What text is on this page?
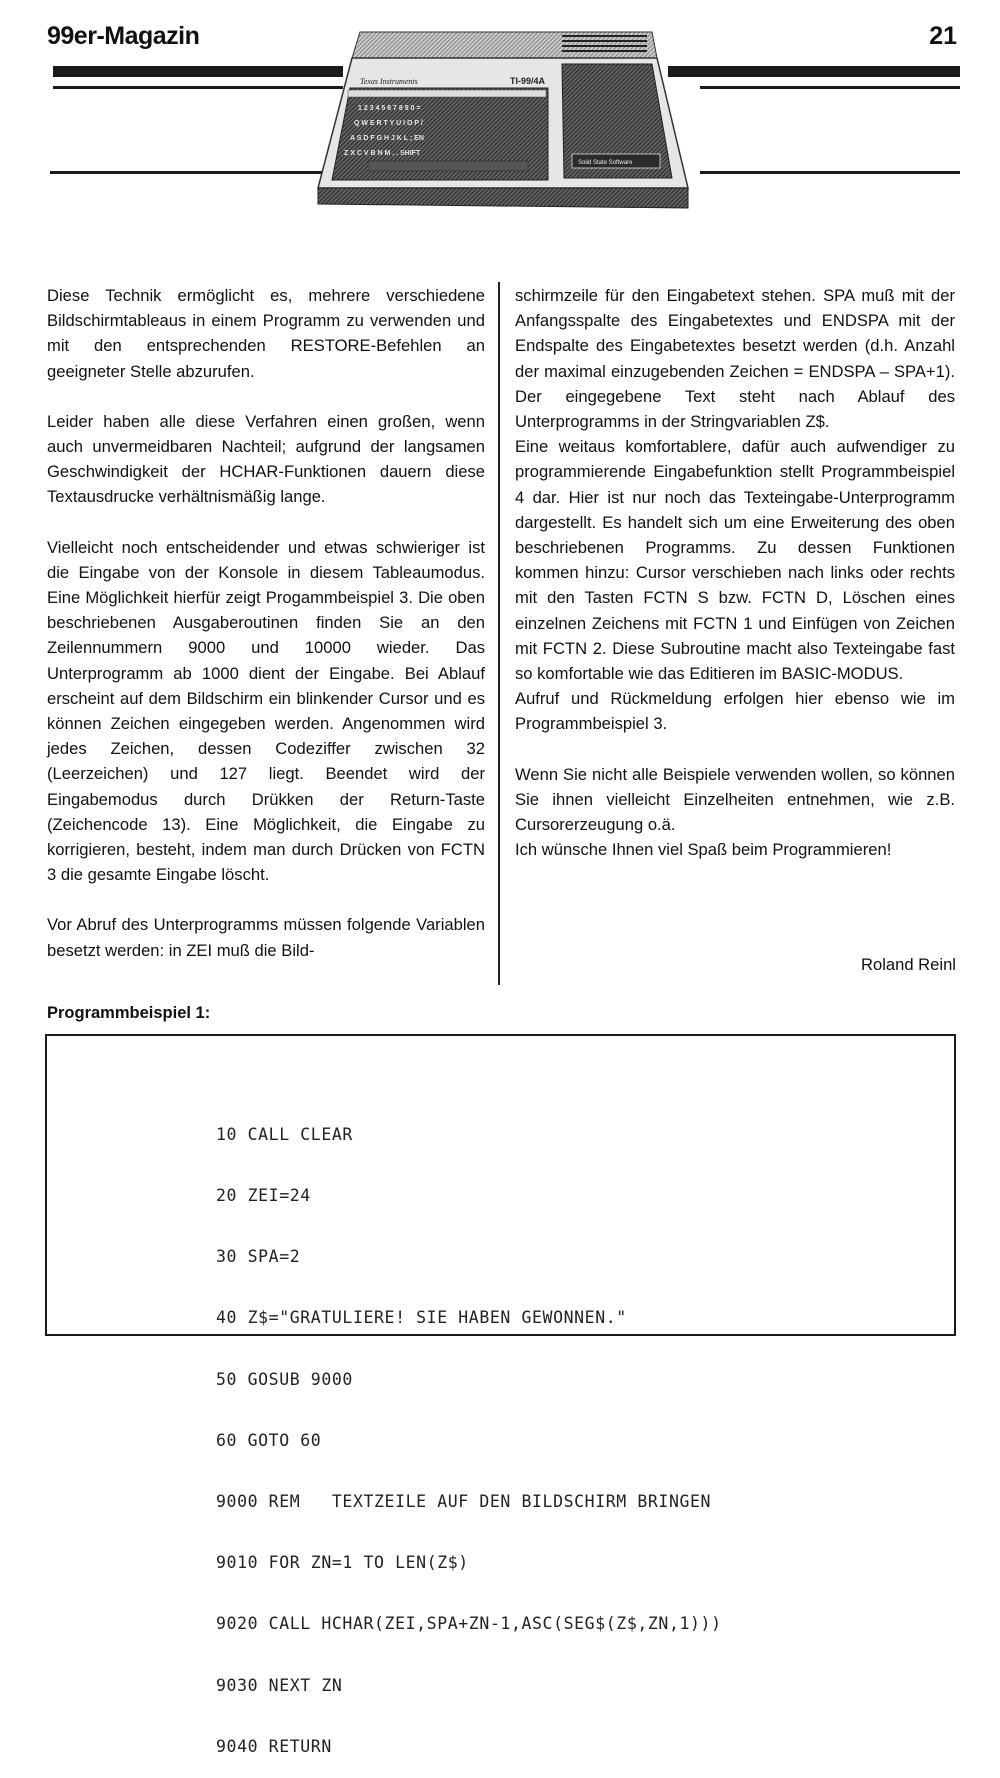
99er-Magazin	21
Texas Instruments	TI-99/4A
1 2 3 4 5 6 7 8 9 0 =
Q W E R T Y U I O P /
A S D F G H J K L ; EN
Z X C V B N M , . SHIFT
Solid State Software

Diese Technik ermöglicht es, mehrere verschiedene Bildschirmtableaus in einem Programm zu verwenden und mit den entsprechenden RESTORE-Befehlen an geeigneter Stelle abzurufen.

Leider haben alle diese Verfahren einen großen, wenn auch unvermeidbaren Nachteil; aufgrund der langsamen Geschwindigkeit der HCHAR-Funktionen dauern diese Textausdrucke verhältnismäßig lange.

Vielleicht noch entscheidender und etwas schwieriger ist die Eingabe von der Konsole in diesem Tableaumodus. Eine Möglichkeit hierfür zeigt Progammbeispiel 3. Die oben beschriebenen Ausgaberoutinen finden Sie an den Zeilennummern 9000 und 10000 wieder. Das Unterprogramm ab 1000 dient der Eingabe. Bei Ablauf erscheint auf dem Bildschirm ein blinkender Cursor und es können Zeichen eingegeben werden. Angenommen wird jedes Zeichen, dessen Codeziffer zwischen 32 (Leerzeichen) und 127 liegt. Beendet wird der Eingabemodus durch Drükken der Return-Taste (Zeichencode 13). Eine Möglichkeit, die Eingabe zu korrigieren, besteht, indem man durch Drücken von FCTN 3 die gesamte Eingabe löscht.

Vor Abruf des Unterprogramms müssen folgende Variablen besetzt werden: in ZEI muß die Bild-

schirmzeile für den Eingabetext stehen. SPA muß mit der Anfangsspalte des Eingabetextes und ENDSPA mit der Endspalte des Eingabetextes besetzt werden (d.h. Anzahl der maximal einzugebenden Zeichen = ENDSPA – SPA+1). Der eingegebene Text steht nach Ablauf des Unterprogramms in der Stringvariablen Z$.

Eine weitaus komfortablere, dafür auch aufwendiger zu programmierende Eingabefunktion stellt Programmbeispiel 4 dar. Hier ist nur noch das Texteingabe-Unterprogramm dargestellt. Es handelt sich um eine Erweiterung des oben beschriebenen Programms. Zu dessen Funktionen kommen hinzu: Cursor verschieben nach links oder rechts mit den Tasten FCTN S bzw. FCTN D, Löschen eines einzelnen Zeichens mit FCTN 1 und Einfügen von Zeichen mit FCTN 2. Diese Subroutine macht also Texteingabe fast so komfortable wie das Editieren im BASIC-MODUS.

Aufruf und Rückmeldung erfolgen hier ebenso wie im Programmbeispiel 3.

Wenn Sie nicht alle Beispiele verwenden wollen, so können Sie ihnen vielleicht Einzelheiten entnehmen, wie z.B. Cursorerzeugung o.ä.

Ich wünsche Ihnen viel Spaß beim Programmieren!

Roland Reinl
Programmbeispiel 1:

10 CALL CLEAR

20 ZEI=24

30 SPA=2

40 Z$="GRATULIERE! SIE HABEN GEWONNEN."

50 GOSUB 9000

60 GOTO 60

9000 REM   TEXTZEILE AUF DEN BILDSCHIRM BRINGEN

9010 FOR ZN=1 TO LEN(Z$)

9020 CALL HCHAR(ZEI,SPA+ZN-1,ASC(SEG$(Z$,ZN,1)))

9030 NEXT ZN

9040 RETURN
